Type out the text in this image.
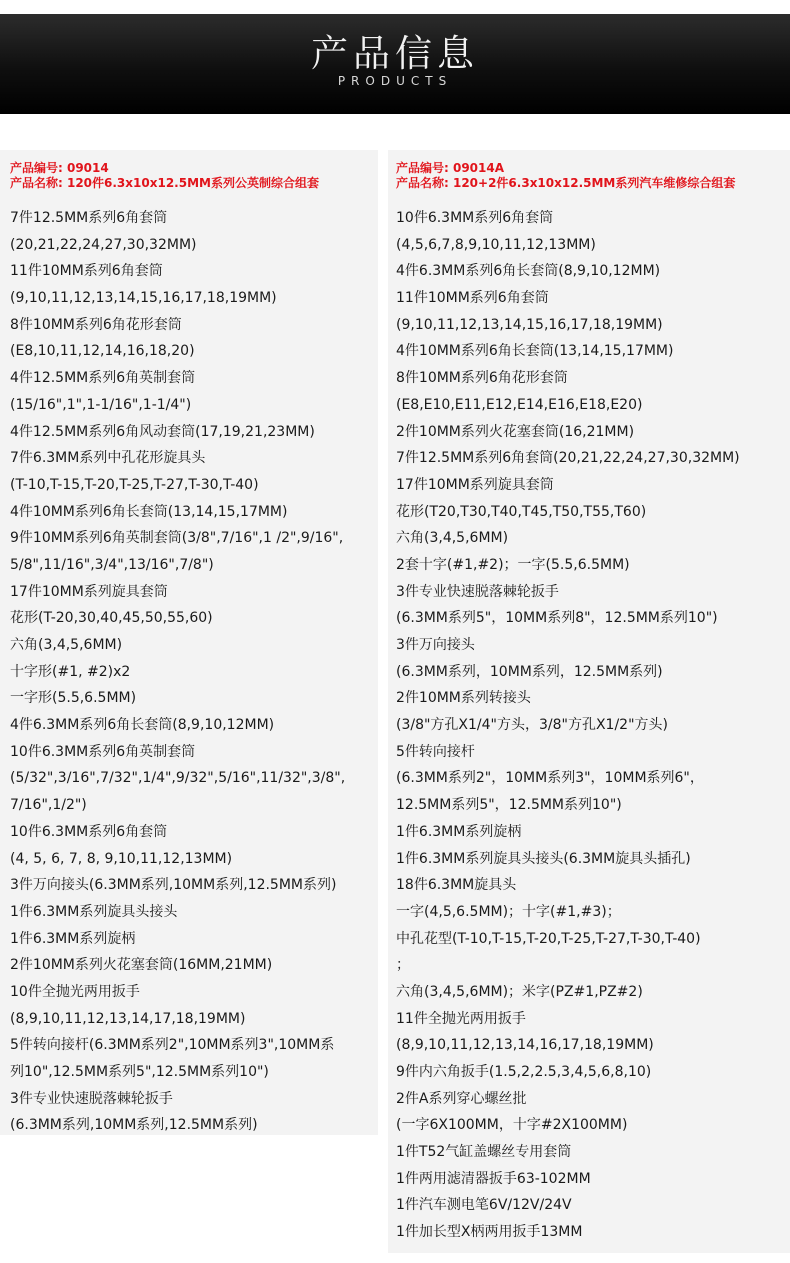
产品信息
PRODUCTS
产品编号: 09014
产品名称: 120件6.3x10x12.5MM系列公英制综合组套
产品编号: 09014A
产品名称: 120+2件6.3x10x12.5MM系列汽车维修综合组套
7件12.5MM系列6角套筒
(20,21,22,24,27,30,32MM)
11件10MM系列6角套筒
(9,10,11,12,13,14,15,16,17,18,19MM)
8件10MM系列6角花形套筒
(E8,10,11,12,14,16,18,20)
4件12.5MM系列6角英制套筒
(15/16",1",1-1/16",1-1/4")
4件12.5MM系列6角风动套筒(17,19,21,23MM)
7件6.3MM系列中孔花形旋具头
(T-10,T-15,T-20,T-25,T-27,T-30,T-40)
4件10MM系列6角长套筒(13,14,15,17MM)
9件10MM系列6角英制套筒(3/8",7/16",1 /2",9/16",
5/8",11/16",3/4",13/16",7/8")
17件10MM系列旋具套筒
花形(T-20,30,40,45,50,55,60)
六角(3,4,5,6MM)
十字形(#1, #2)x2
一字形(5.5,6.5MM)
4件6.3MM系列6角长套筒(8,9,10,12MM)
10件6.3MM系列6角英制套筒
(5/32",3/16",7/32",1/4",9/32",5/16",11/32",3/8",
7/16",1/2")
10件6.3MM系列6角套筒
(4, 5, 6, 7, 8, 9,10,11,12,13MM)
3件万向接头(6.3MM系列,10MM系列,12.5MM系列)
1件6.3MM系列旋具头接头
1件6.3MM系列旋柄
2件10MM系列火花塞套筒(16MM,21MM)
10件全抛光两用扳手
(8,9,10,11,12,13,14,17,18,19MM)
5件转向接杆(6.3MM系列2",10MM系列3",10MM系
列10",12.5MM系列5",12.5MM系列10")
3件专业快速脱落棘轮扳手
(6.3MM系列,10MM系列,12.5MM系列)
10件6.3MM系列6角套筒
(4,5,6,7,8,9,10,11,12,13MM)
4件6.3MM系列6角长套筒(8,9,10,12MM)
11件10MM系列6角套筒
(9,10,11,12,13,14,15,16,17,18,19MM)
4件10MM系列6角长套筒(13,14,15,17MM)
8件10MM系列6角花形套筒
(E8,E10,E11,E12,E14,E16,E18,E20)
2件10MM系列火花塞套筒(16,21MM)
7件12.5MM系列6角套筒(20,21,22,24,27,30,32MM)
17件10MM系列旋具套筒
花形(T20,T30,T40,T45,T50,T55,T60)
六角(3,4,5,6MM)
2套十字(#1,#2)；一字(5.5,6.5MM)
3件专业快速脱落棘轮扳手
(6.3MM系列5"，10MM系列8"，12.5MM系列10")
3件万向接头
(6.3MM系列，10MM系列，12.5MM系列)
2件10MM系列转接头
(3/8"方孔X1/4"方头，3/8"方孔X1/2"方头)
5件转向接杆
(6.3MM系列2"，10MM系列3"，10MM系列6"，
12.5MM系列5"，12.5MM系列10")
1件6.3MM系列旋柄
1件6.3MM系列旋具头接头(6.3MM旋具头插孔)
18件6.3MM旋具头
一字(4,5,6.5MM)；十字(#1,#3)；
中孔花型(T-10,T-15,T-20,T-25,T-27,T-30,T-40)
；
六角(3,4,5,6MM)；米字(PZ#1,PZ#2)
11件全抛光两用扳手
(8,9,10,11,12,13,14,16,17,18,19MM)
9件内六角扳手(1.5,2,2.5,3,4,5,6,8,10)
2件A系列穿心螺丝批
(一字6X100MM，十字#2X100MM)
1件T52气缸盖螺丝专用套筒
1件两用滤清器扳手63-102MM
1件汽车测电笔6V/12V/24V
1件加长型X柄两用扳手13MM
